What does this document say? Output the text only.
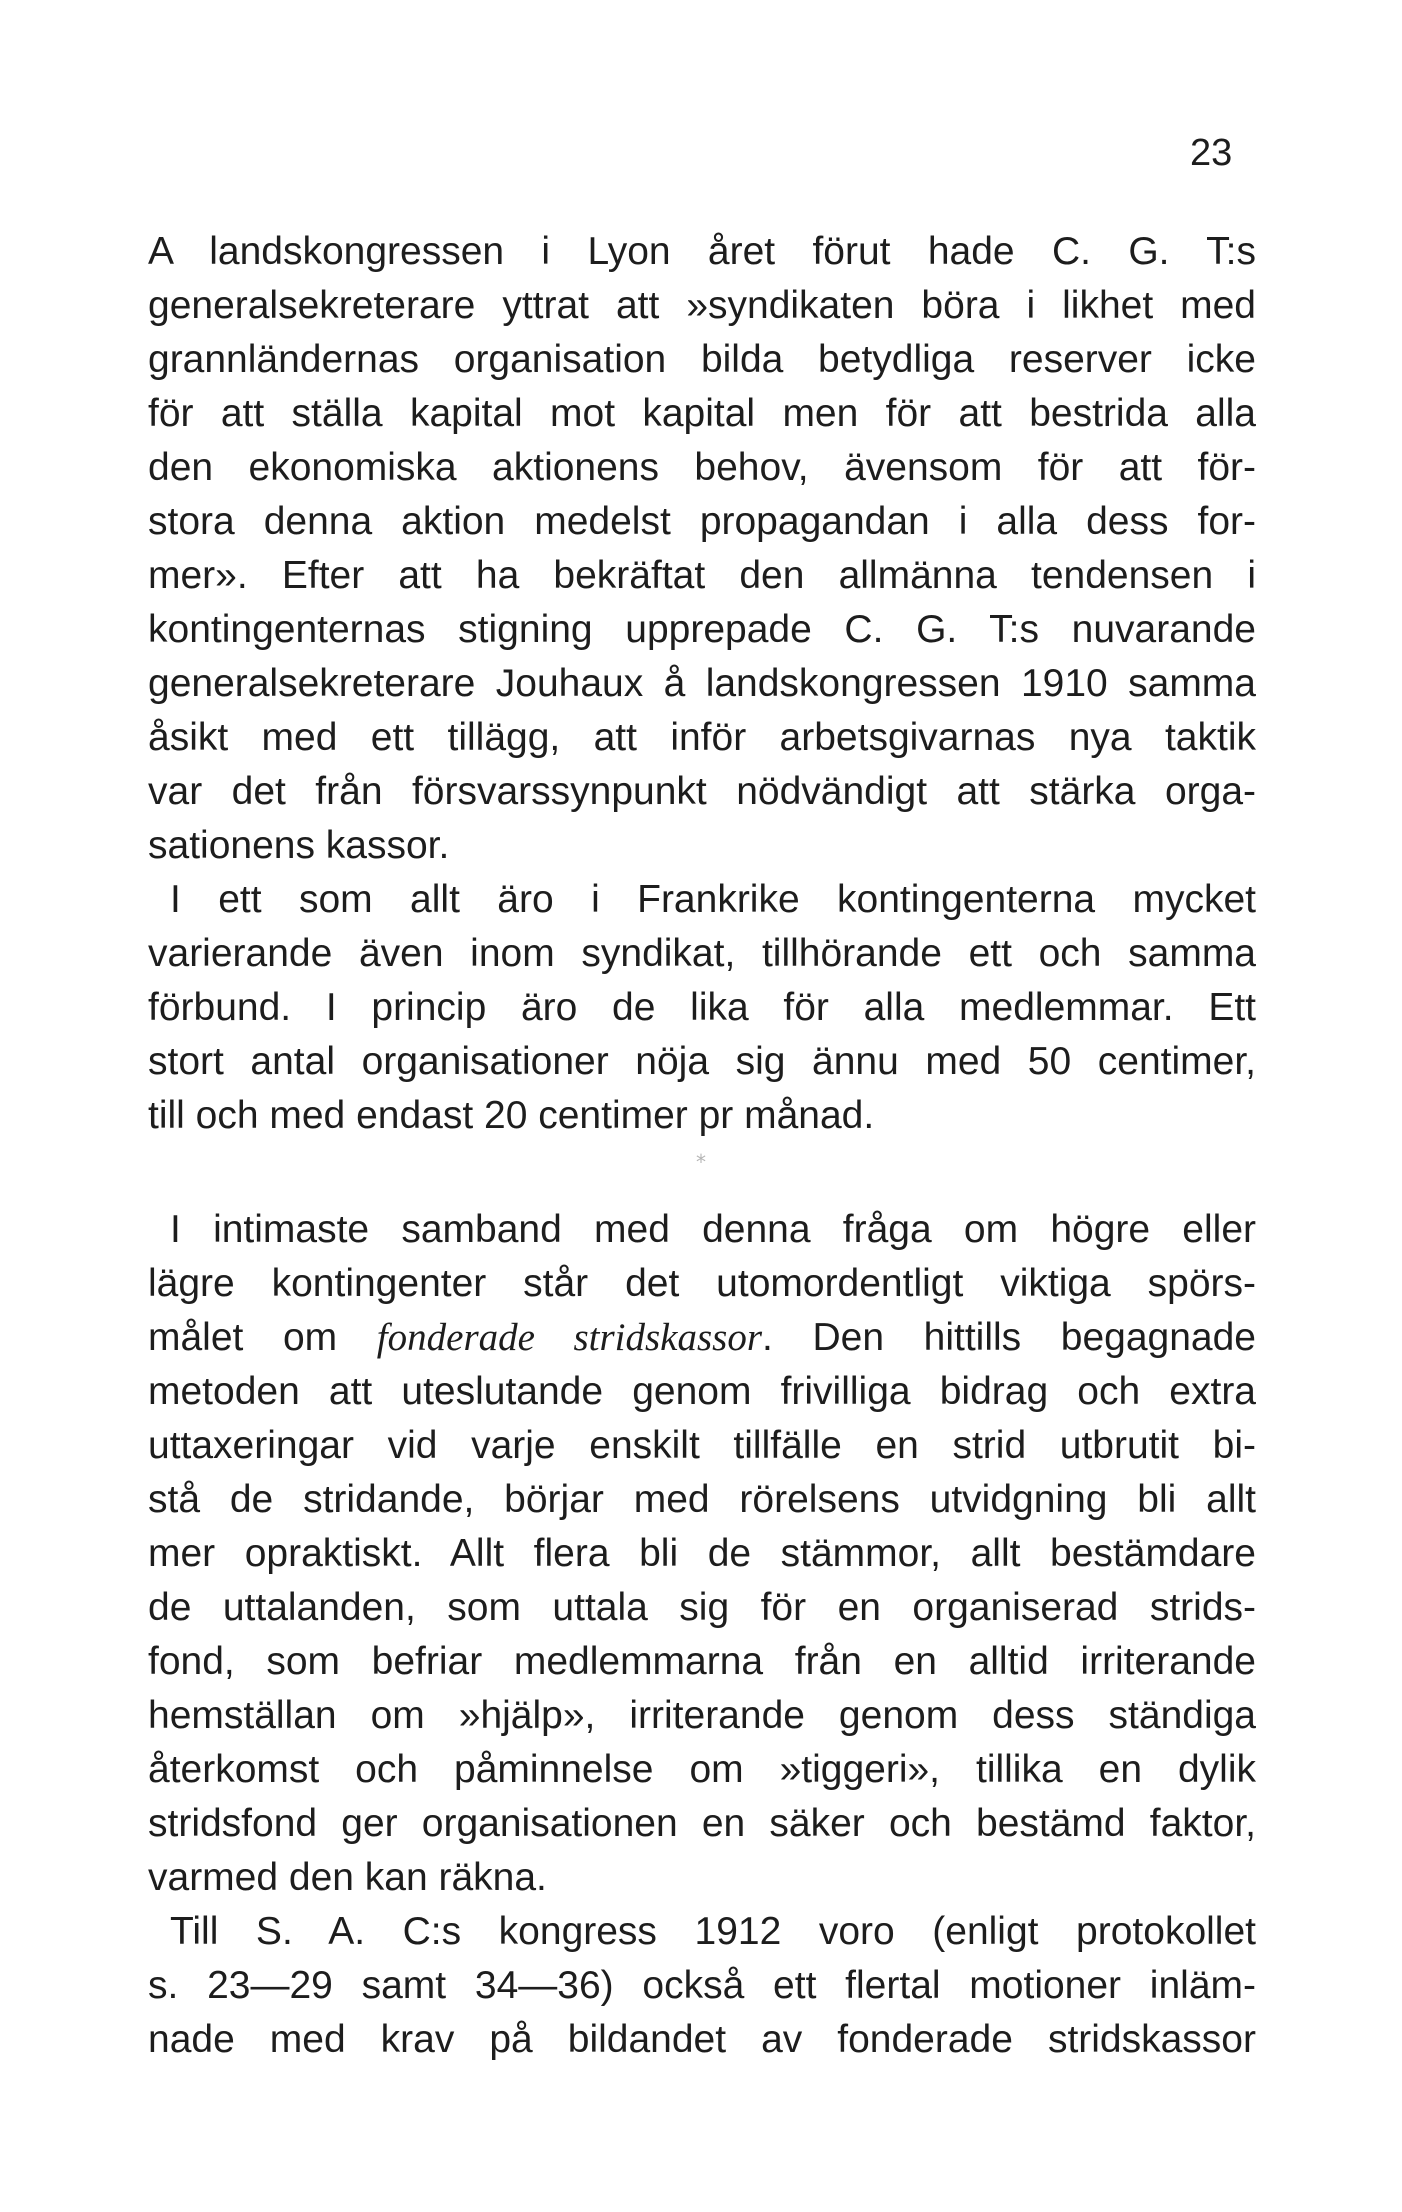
23
A landskongressen i Lyon året förut hade C. G. T:s
generalsekreterare yttrat att »syndikaten böra i likhet med
grannländernas organisation bilda betydliga reserver icke
för att ställa kapital mot kapital men för att bestrida alla
den ekonomiska aktionens behov, ävensom för att för-
stora denna aktion medelst propagandan i alla dess for-
mer». Efter att ha bekräftat den allmänna tendensen i
kontingenternas stigning upprepade C. G. T:s nuvarande
generalsekreterare Jouhaux å landskongressen 1910 samma
åsikt med ett tillägg, att inför arbetsgivarnas nya taktik
var det från försvarssynpunkt nödvändigt att stärka orga-
sationens kassor.
I ett som allt äro i Frankrike kontingenterna mycket
varierande även inom syndikat, tillhörande ett och samma
förbund. I princip äro de lika för alla medlemmar. Ett
stort antal organisationer nöja sig ännu med 50 centimer,
till och med endast 20 centimer pr månad.
*
I intimaste samband med denna fråga om högre eller
lägre kontingenter står det utomordentligt viktiga spörs-
målet om fonderade stridskassor. Den hittills begagnade
metoden att uteslutande genom frivilliga bidrag och extra
uttaxeringar vid varje enskilt tillfälle en strid utbrutit bi-
stå de stridande, börjar med rörelsens utvidgning bli allt
mer opraktiskt. Allt flera bli de stämmor, allt bestämdare
de uttalanden, som uttala sig för en organiserad strids-
fond, som befriar medlemmarna från en alltid irriterande
hemställan om »hjälp», irriterande genom dess ständiga
återkomst och påminnelse om »tiggeri», tillika en dylik
stridsfond ger organisationen en säker och bestämd faktor,
varmed den kan räkna.
Till S. A. C:s kongress 1912 voro (enligt protokollet
s. 23—29 samt 34—36) också ett flertal motioner inläm-
nade med krav på bildandet av fonderade stridskassor
